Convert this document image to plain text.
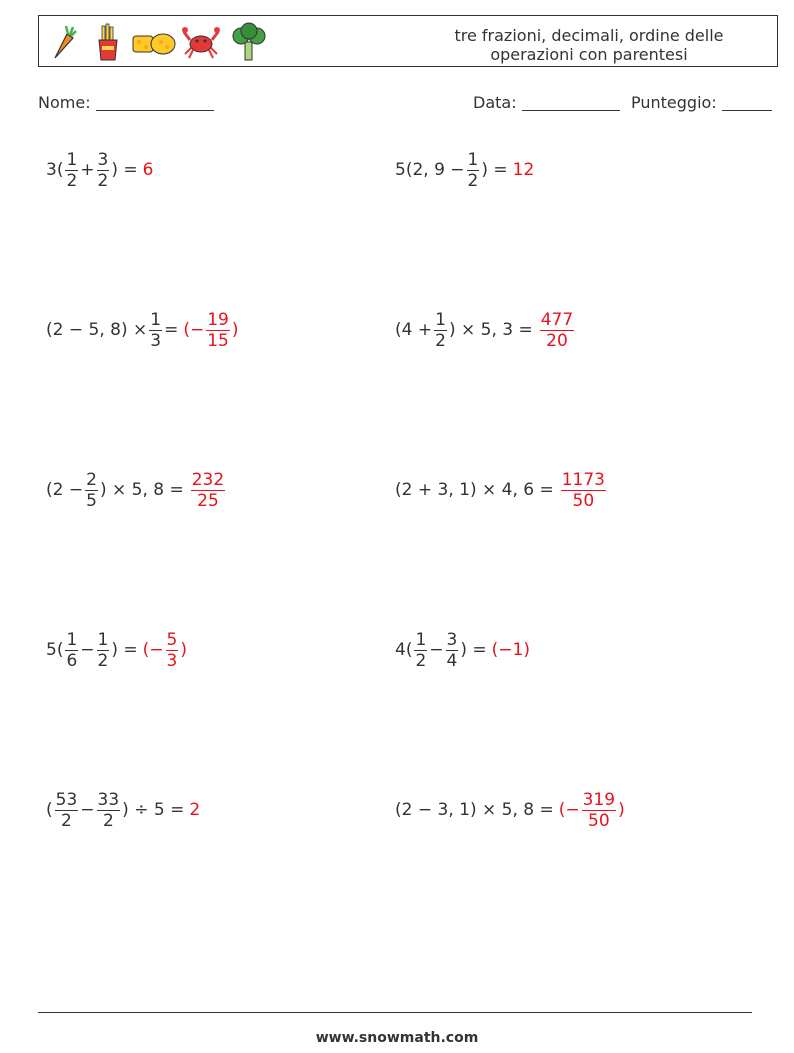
tre frazioni, decimali, ordine delle
operazioni con parentesi
Nome:	Data:	Punteggio:
$3( \frac{1}{2} + \frac{3}{2}$ ) = 6	5(2, $9 - \frac{1}{2}$ ) = 12
(2 − 5, $8) \times \frac{1}{3}$ = (− $\frac{19}{15}$ )	($4 + \frac{1}{2}$ ) × 5, $3 = \frac{477}{20}$
($2 - \frac{2}{5}$ ) × 5, $8 = \frac{232}{25}$	(2 + 3, 1) × 4, $6 = \frac{1173}{50}$
$5( \frac{1}{6} - \frac{1}{2}$ ) = (− $\frac{5}{3}$ )	$4( \frac{1}{2} - \frac{3}{4}$ ) = (−1)
( $\frac{53}{2} - \frac{33}{2}$ ) ÷ 5 = 2	(2 − 3, 1) × 5, 8 = (− $\frac{319}{50}$ )
www.snowmath.com
